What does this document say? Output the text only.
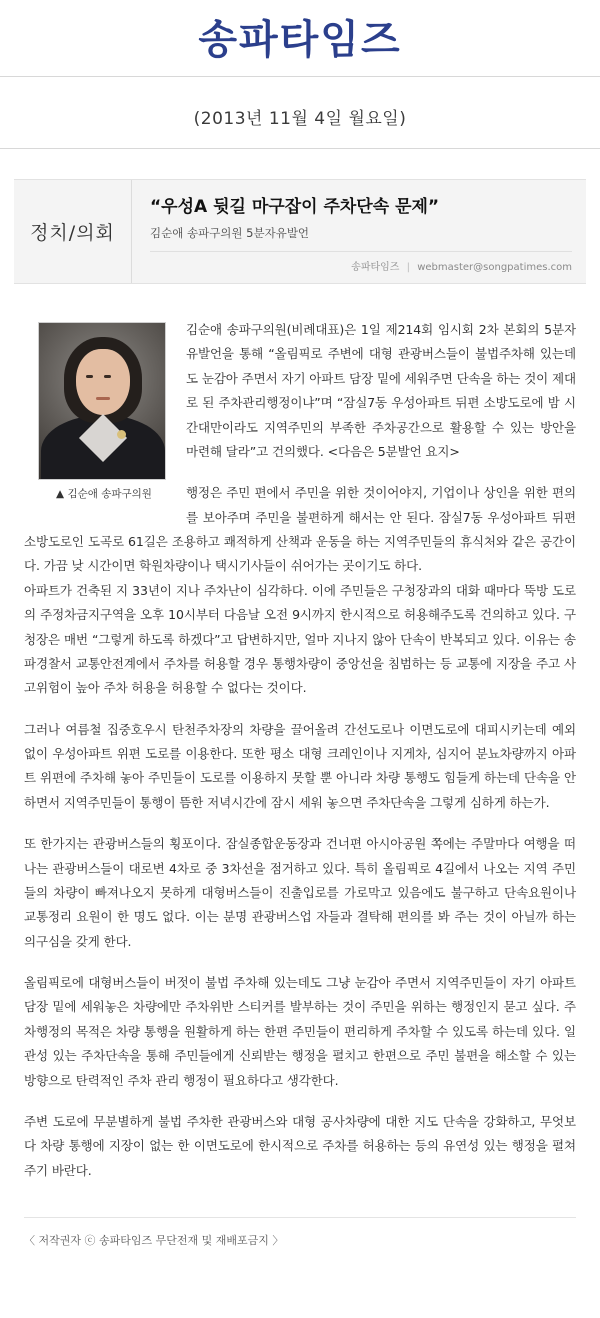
송파타임즈
(2013년 11월 4일 월요일)
정치/의회
“우성A 뒷길 마구잡이 주차단속 문제”
김순애 송파구의원 5분자유발언
송파타임즈 | webmaster@songpatimes.com
▲ 김순애 송파구의원

김순애 송파구의원(비례대표)은 1일 제214회 임시회 2차 본회의 5분자유발언을 통해 “올림픽로 주변에 대형 관광버스들이 불법주차해 있는데도 눈감아 주면서 자기 아파트 담장 밑에 세워주면 단속을 하는 것이 제대로 된 주차관리행정이냐”며 “잠실7동 우성아파트 뒤편 소방도로에 밤 시간대만이라도 지역주민의 부족한 주차공간으로 활용할 수 있는 방안을 마련해 달라”고 건의했다. <다음은 5분발언 요지>

행정은 주민 편에서 주민을 위한 것이어야지, 기업이나 상인을 위한 편의를 보아주며 주민을 불편하게 해서는 안 된다. 잠실7동 우성아파트 뒤편 소방도로인 도곡로 61길은 조용하고 쾌적하게 산책과 운동을 하는 지역주민들의 휴식처와 같은 공간이다. 가끔 낮 시간이면 학원차량이나 택시기사들이 쉬어가는 곳이기도 하다.

아파트가 건축된 지 33년이 지나 주차난이 심각하다. 이에 주민들은 구청장과의 대화 때마다 뚝방 도로의 주정차금지구역을 오후 10시부터 다음날 오전 9시까지 한시적으로 허용해주도록 건의하고 있다. 구청장은 매번 “그렇게 하도록 하겠다”고 답변하지만, 얼마 지나지 않아 단속이 반복되고 있다. 이유는 송파경찰서 교통안전계에서 주차를 허용할 경우 통행차량이 중앙선을 침범하는 등 교통에 지장을 주고 사고위험이 높아 주차 허용을 허용할 수 없다는 것이다.

그러나 여름철 집중호우시 탄천주차장의 차량을 끌어올려 간선도로나 이면도로에 대피시키는데 예외 없이 우성아파트 위편 도로를 이용한다. 또한 평소 대형 크레인이나 지게차, 심지어 분뇨차량까지 아파트 위편에 주차해 놓아 주민들이 도로를 이용하지 못할 뿐 아니라 차량 통행도 힘들게 하는데 단속을 안 하면서 지역주민들이 통행이 뜸한 저녁시간에 잠시 세워 놓으면 주차단속을 그렇게 심하게 하는가.

또 한가지는 관광버스들의 횡포이다. 잠실종합운동장과 건너편 아시아공원 쪽에는 주말마다 여행을 떠나는 관광버스들이 대로변 4차로 중 3차선을 점거하고 있다. 특히 올림픽로 4길에서 나오는 지역 주민들의 차량이 빠져나오지 못하게 대형버스들이 진출입로를 가로막고 있음에도 불구하고 단속요원이나 교통정리 요원이 한 명도 없다. 이는 분명 관광버스업 자들과 결탁해 편의를 봐 주는 것이 아닐까 하는 의구심을 갖게 한다.

올림픽로에 대형버스들이 버젓이 불법 주차해 있는데도 그냥 눈감아 주면서 지역주민들이 자기 아파트 담장 밑에 세워놓은 차량에만 주차위반 스티커를 발부하는 것이 주민을 위하는 행정인지 묻고 싶다. 주차행정의 목적은 차량 통행을 원활하게 하는 한편 주민들이 편리하게 주차할 수 있도록 하는데 있다. 일관성 있는 주차단속을 통해 주민들에게 신뢰받는 행정을 펼치고 한편으로 주민 불편을 해소할 수 있는 방향으로 탄력적인 주차 관리 행정이 필요하다고 생각한다.

주변 도로에 무분별하게 불법 주차한 관광버스와 대형 공사차량에 대한 지도 단속을 강화하고, 무엇보다 차량 통행에 지장이 없는 한 이면도로에 한시적으로 주차를 허용하는 등의 유연성 있는 행정을 펼쳐주기 바란다.

〈 저작권자 ⓒ 송파타임즈 무단전재 및 재배포금지 〉
